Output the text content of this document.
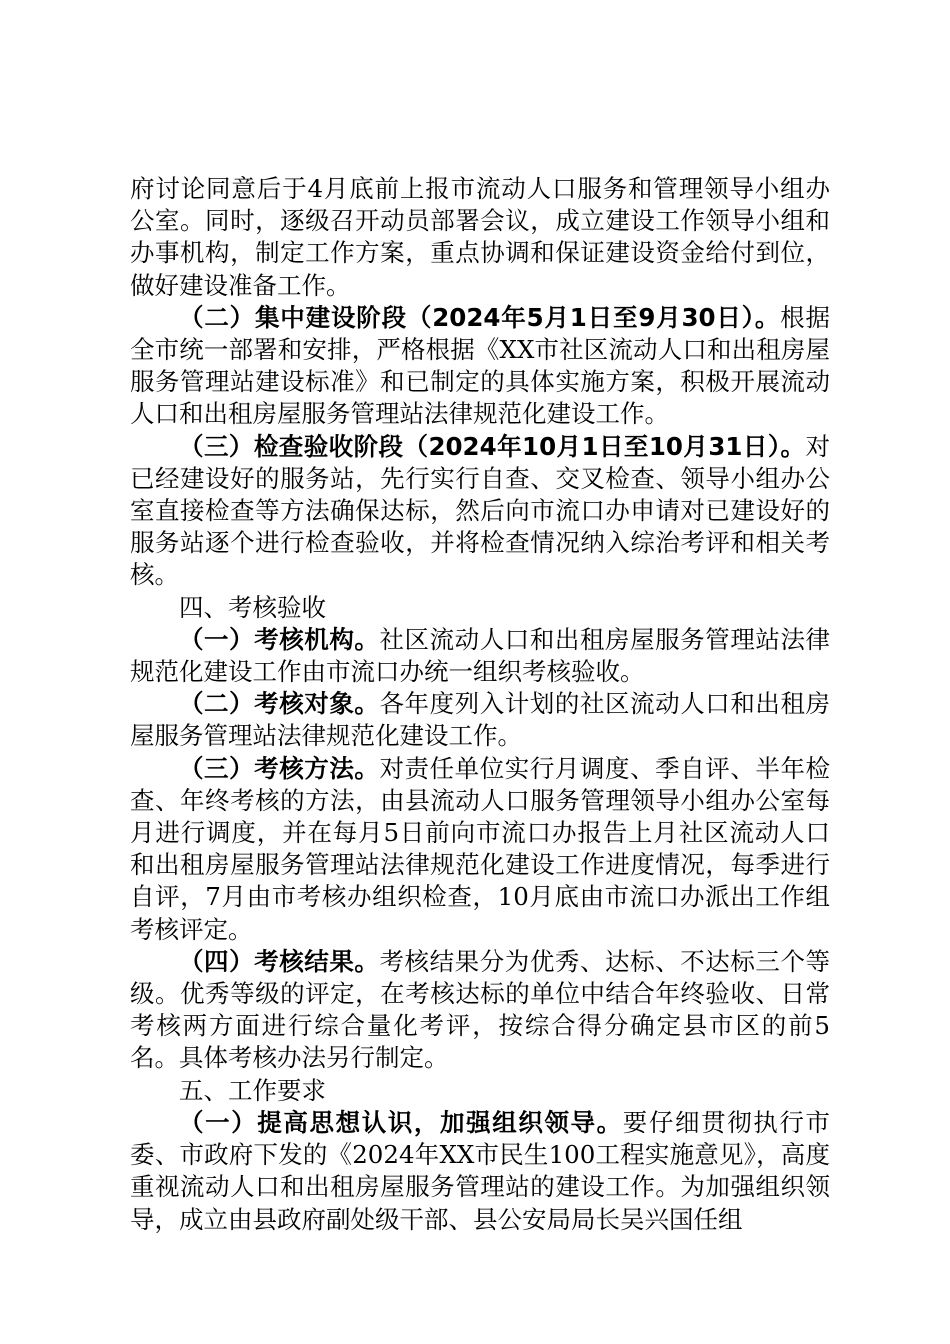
府讨论同意后于4月底前上报市流动人口服务和管理领导小组办公室。同时，逐级召开动员部署会议，成立建设工作领导小组和办事机构，制定工作方案，重点协调和保证建设资金给付到位，做好建设准备工作。

（二）集中建设阶段（2024年5月1日至9月30日）。根据全市统一部署和安排，严格根据《XX市社区流动人口和出租房屋服务管理站建设标准》和已制定的具体实施方案，积极开展流动人口和出租房屋服务管理站法律规范化建设工作。

（三）检查验收阶段（2024年10月1日至10月31日）。对已经建设好的服务站，先行实行自查、交叉检查、领导小组办公室直接检查等方法确保达标，然后向市流口办申请对已建设好的服务站逐个进行检查验收，并将检查情况纳入综治考评和相关考核。

四、考核验收

（一）考核机构。社区流动人口和出租房屋服务管理站法律规范化建设工作由市流口办统一组织考核验收。

（二）考核对象。各年度列入计划的社区流动人口和出租房屋服务管理站法律规范化建设工作。

（三）考核方法。对责任单位实行月调度、季自评、半年检查、年终考核的方法，由县流动人口服务管理领导小组办公室每月进行调度，并在每月5日前向市流口办报告上月社区流动人口和出租房屋服务管理站法律规范化建设工作进度情况，每季进行自评，7月由市考核办组织检查，10月底由市流口办派出工作组考核评定。

（四）考核结果。考核结果分为优秀、达标、不达标三个等级。优秀等级的评定，在考核达标的单位中结合年终验收、日常考核两方面进行综合量化考评，按综合得分确定县市区的前5名。具体考核办法另行制定。

五、工作要求

（一）提高思想认识，加强组织领导。要仔细贯彻执行市委、市政府下发的《2024年XX市民生100工程实施意见》，高度重视流动人口和出租房屋服务管理站的建设工作。为加强组织领导，成立由县政府副处级干部、县公安局局长吴兴国任组
